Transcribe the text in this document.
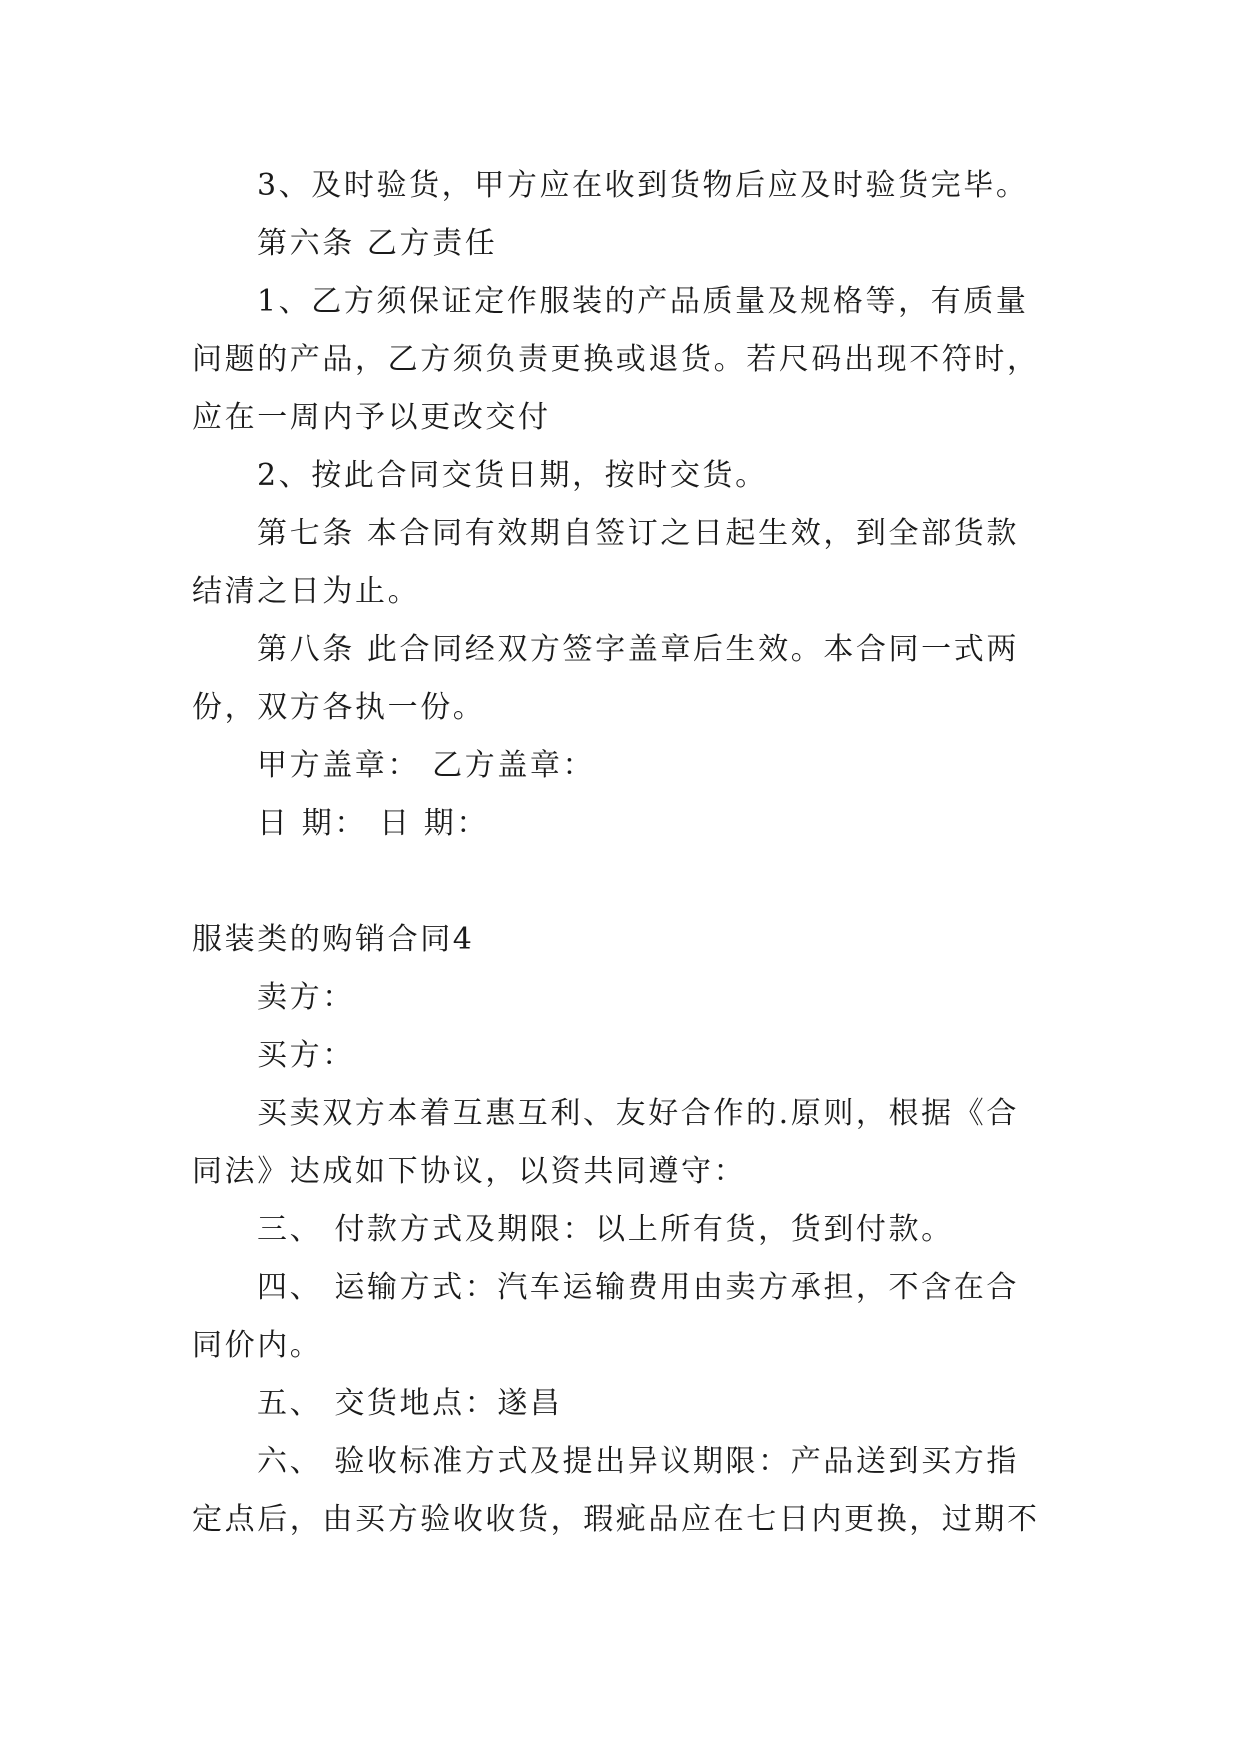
3、及时验货，甲方应在收到货物后应及时验货完毕。
第六条 乙方责任
1、乙方须保证定作服装的产品质量及规格等，有质量
问题的产品，乙方须负责更换或退货。若尺码出现不符时，
应在一周内予以更改交付
2、按此合同交货日期，按时交货。
第七条 本合同有效期自签订之日起生效，到全部货款
结清之日为止。
第八条 此合同经双方签字盖章后生效。本合同一式两
份，双方各执一份。
甲方盖章： 乙方盖章：
日 期： 日 期：
服装类的购销合同4
卖方：
买方：
买卖双方本着互惠互利、友好合作的.原则，根据《合
同法》达成如下协议，以资共同遵守：
三、 付款方式及期限：以上所有货，货到付款。
四、 运输方式：汽车运输费用由卖方承担，不含在合
同价内。
五、 交货地点：遂昌
六、 验收标准方式及提出异议期限：产品送到买方指
定点后，由买方验收收货，瑕疵品应在七日内更换，过期不
